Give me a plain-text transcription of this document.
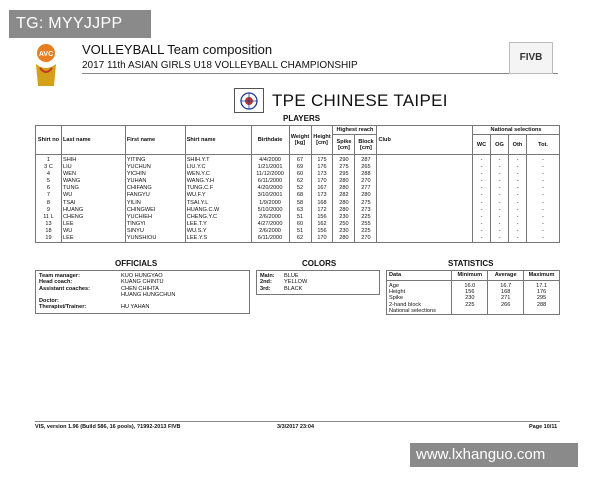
TG: MYYJJPP
AVC VOLLEYBALL Team composition
2017 11th ASIAN GIRLS U18 VOLLEYBALL CHAMPIONSHIP
FIVB
TPE CHINESE TAIPEI
PLAYERS
Shirt no	Last name	First name	Shirt name	Birthdate	Weight [kg]	Height [cm]	Highest reach		Club	National selections			
							Spike [cm]	Block [cm]		WC	OG	Oth	Tot.
1	SHIH	YITING	SHIH.Y.T	4/4/2000	67	175	290	287		-	-	-	-
3 C	LIU	YUCHUN	LIU.Y.C	1/21/2001	69	176	275	265		-	-	-	-
4	WEN	YICHIN	WEN.Y.C	11/12/2000	60	173	295	288		-	-	-	-
5	WANG	YUHAN	WANG.Y.H	6/11/2000	62	170	280	270		-	-	-	-
6	TUNG	CHIFANG	TUNG.C.F	4/20/2000	52	167	280	277		-	-	-	-
7	WU	FANGYU	WU.F.Y	3/10/2001	68	173	282	280		-	-	-	-
8	TSAI	YILIN	TSAI.Y.L	1/9/2000	58	168	280	275		-	-	-	-
9	HUANG	CHINGWEI	HUANG.C.W	5/10/2000	63	172	280	273		-	-	-	-
11 L	CHENG	YUCHIEH	CHENG.Y.C	2/6/2000	51	156	230	225		-	-	-	-
13	LEE	TINGYI	LEE.T.Y	4/27/2000	60	162	250	255		-	-	-	-
18	WU	SINYU	WU.S.Y	2/6/2000	51	156	230	225		-	-	-	-
19	LEE	YUNSHIOU	LEE.Y.S	6/11/2000	62	170	280	270		-	-	-	-
OFFICIALS	COLORS	STATISTICS
Team manager:	KUO HUNGYAO
Head coach:	KUANG CHINTU
Assistant coaches:	CHEN CHIHTA
HUANG HUNGCHUN
Doctor:
Therapist/Trainer:	HU YAHAN
Main:	BLUE
2nd:	YELLOW
3rd:	BLACK
Data	Minimum	Average	Maximum
Age	16.0	16.7	17.1
Height	156	168	176
Spike	230	271	295
2-hand block	225	266	288
National selections			
VIS, version 1.96 (Build 586, 16 pools), ?1992-2013 FIVB	3/3/2017 23:04	Page 10/11
www.lxhanguo.com
